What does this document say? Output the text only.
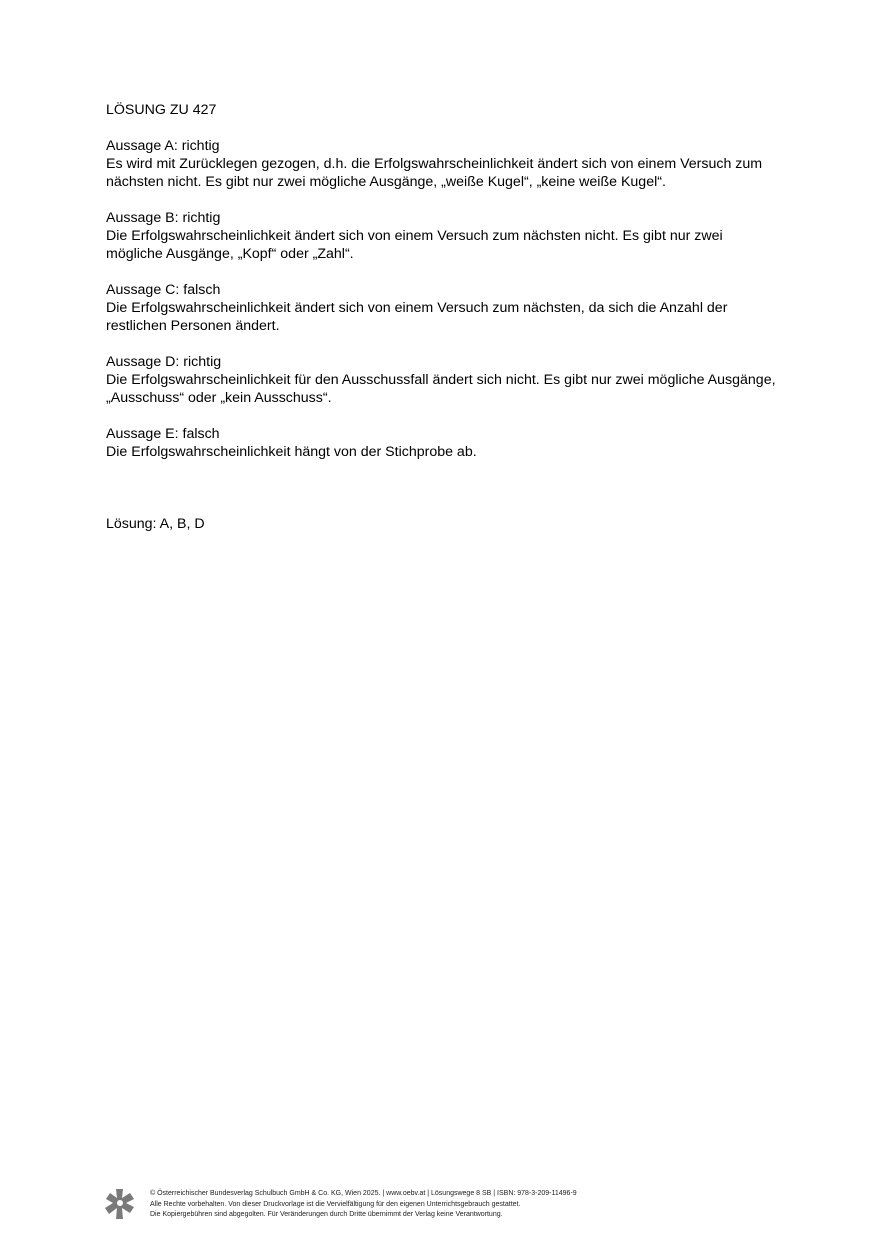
LÖSUNG ZU 427

Aussage A: richtig

Es wird mit Zurücklegen gezogen, d.h. die Erfolgswahrscheinlichkeit ändert sich von einem Versuch zum

nächsten nicht. Es gibt nur zwei mögliche Ausgänge, „weiße Kugel“, „keine weiße Kugel“.

Aussage B: richtig

Die Erfolgswahrscheinlichkeit ändert sich von einem Versuch zum nächsten nicht. Es gibt nur zwei

mögliche Ausgänge, „Kopf“ oder „Zahl“.

Aussage C: falsch

Die Erfolgswahrscheinlichkeit ändert sich von einem Versuch zum nächsten, da sich die Anzahl der

restlichen Personen ändert.

Aussage D: richtig

Die Erfolgswahrscheinlichkeit für den Ausschussfall ändert sich nicht. Es gibt nur zwei mögliche Ausgänge,

„Ausschuss“ oder „kein Ausschuss“.

Aussage E: falsch

Die Erfolgswahrscheinlichkeit hängt von der Stichprobe ab.

Lösung: A, B, D

© Österreichischer Bundesverlag Schulbuch GmbH & Co. KG, Wien 2025. | www.oebv.at | Lösungswege 8 SB | ISBN: 978-3-209-11496-9
Alle Rechte vorbehalten. Von dieser Druckvorlage ist die Vervielfältigung für den eigenen Unterrichtsgebrauch gestattet.
Die Kopiergebühren sind abgegolten. Für Veränderungen durch Dritte übernimmt der Verlag keine Verantwortung.
